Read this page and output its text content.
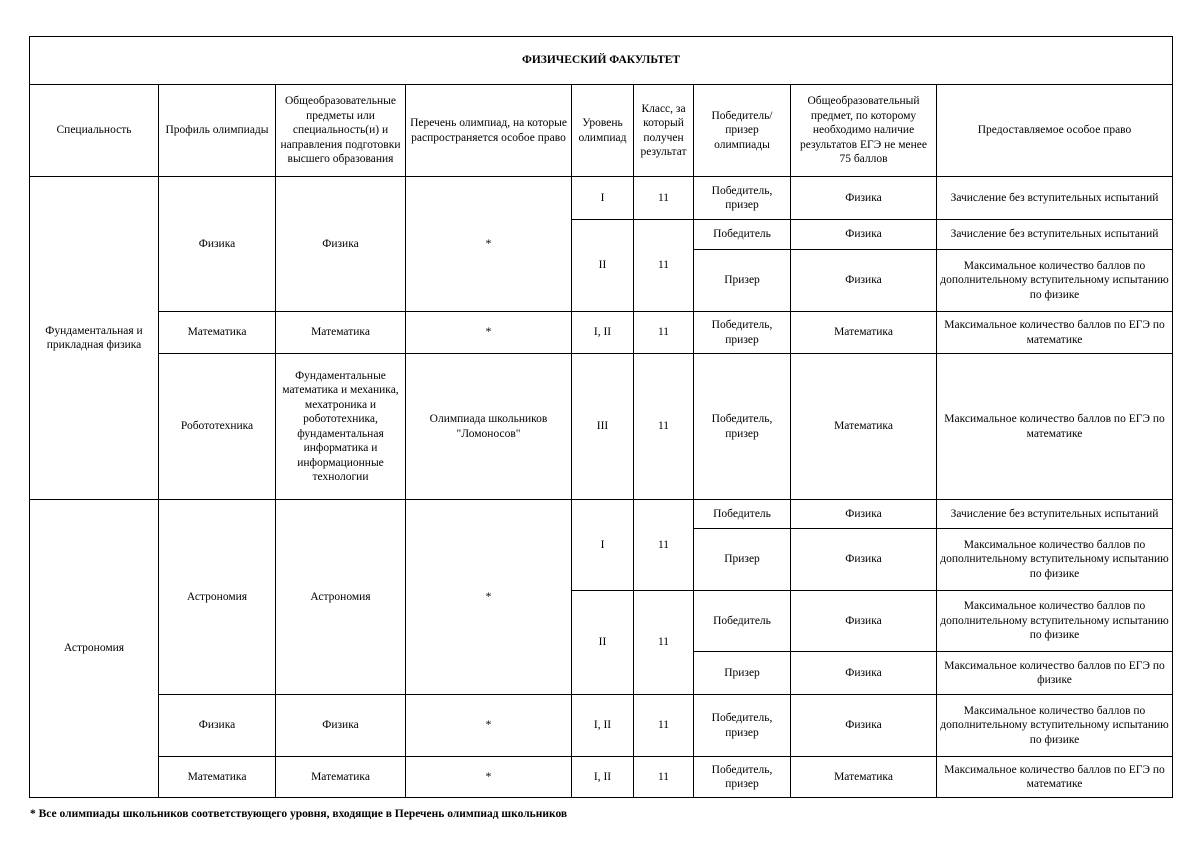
ФИЗИЧЕСКИЙ ФАКУЛЬТЕТ								
Специальность	Профиль олимпиады	Общеобразовательные предметы или специальность(и) и направления подготовки высшего образования	Перечень олимпиад, на которые распространяется особое право	Уровень олимпиад	Класс, за который получен результат	Победитель/ призер олимпиады	Общеобразовательный предмет, по которому необходимо наличие результатов ЕГЭ не менее 75 баллов	Предоставляемое особое право
Фундаментальная и прикладная физика	Физика	Физика	*	I	11	Победитель, призер	Физика	Зачисление без вступительных испытаний
				II	11	Победитель	Физика	Зачисление без вступительных испытаний
						Призер	Физика	Максимальное количество баллов по дополнительному вступительному испытанию по физике
	Математика	Математика	*	I, II	11	Победитель, призер	Математика	Максимальное количество баллов по ЕГЭ по математике
	Робототехника	Фундаментальные математика и механика, мехатроника и робототехника, фундаментальная информатика и информационные технологии	Олимпиада школьников "Ломоносов"	III	11	Победитель, призер	Математика	Максимальное количество баллов по ЕГЭ по математике
Астрономия	Астрономия	Астрономия	*	I	11	Победитель	Физика	Зачисление без вступительных испытаний
						Призер	Физика	Максимальное количество баллов по дополнительному вступительному испытанию по физике
				II	11	Победитель	Физика	Максимальное количество баллов по дополнительному вступительному испытанию по физике
						Призер	Физика	Максимальное количество баллов по ЕГЭ по физике
	Физика	Физика	*	I, II	11	Победитель, призер	Физика	Максимальное количество баллов по дополнительному вступительному испытанию по физике
	Математика	Математика	*	I, II	11	Победитель, призер	Математика	Максимальное количество баллов по ЕГЭ по математике
* Все олимпиады школьников соответствующего уровня, входящие в Перечень олимпиад школьников
